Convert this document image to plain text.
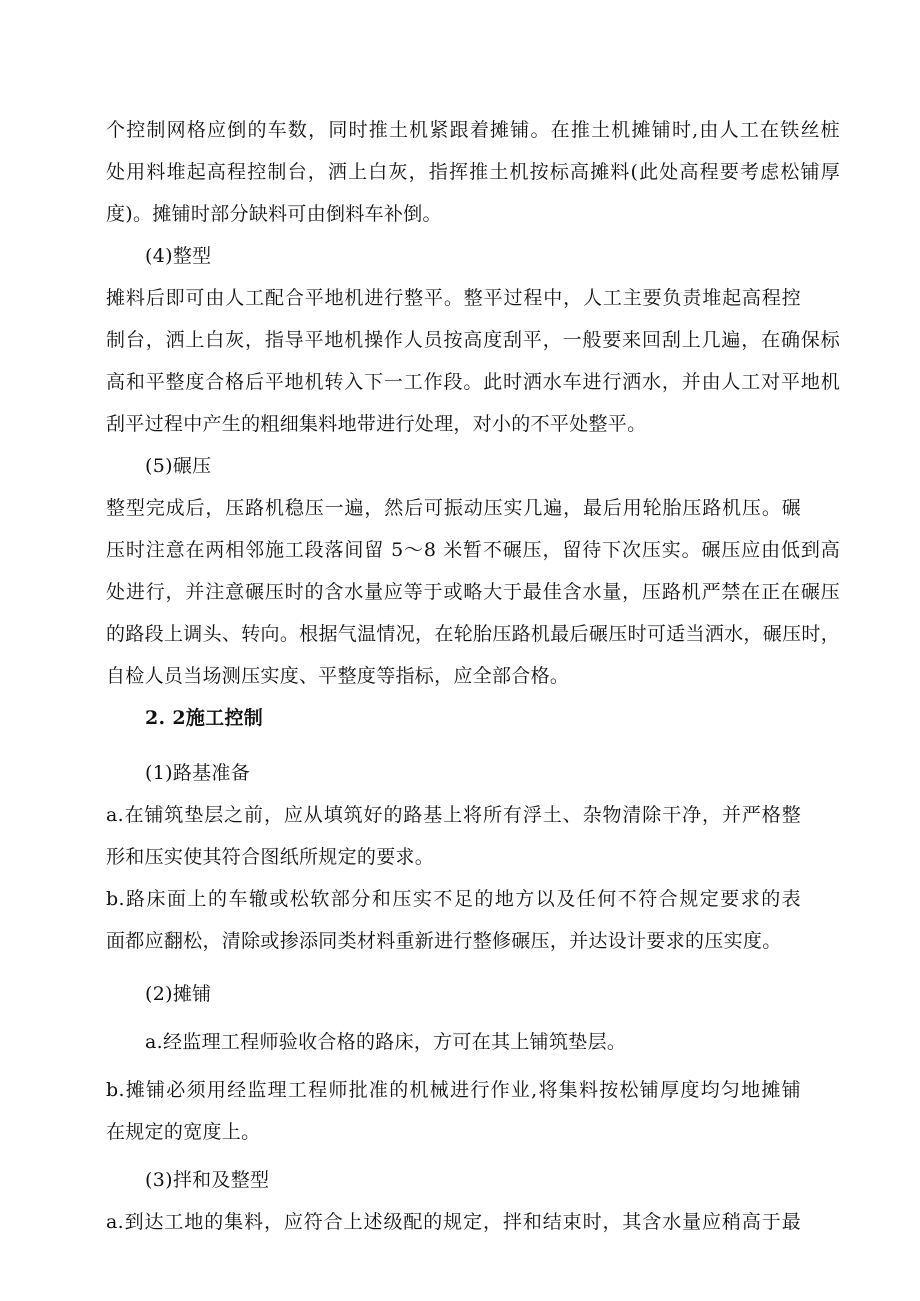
个控制网格应倒的车数，同时推土机紧跟着摊铺。在推土机摊铺时,由人工在铁丝桩
处用料堆起高程控制台，洒上白灰，指挥推土机按标高摊料(此处高程要考虑松铺厚
度)。摊铺时部分缺料可由倒料车补倒。
(4)整型
摊料后即可由人工配合平地机进行整平。整平过程中，人工主要负责堆起高程控
制台，洒上白灰，指导平地机操作人员按高度刮平，一般要来回刮上几遍，在确保标
高和平整度合格后平地机转入下一工作段。此时洒水车进行洒水，并由人工对平地机
刮平过程中产生的粗细集料地带进行处理，对小的不平处整平。
(5)碾压
整型完成后，压路机稳压一遍，然后可振动压实几遍，最后用轮胎压路机压。碾
压时注意在两相邻施工段落间留 5～8 米暂不碾压，留待下次压实。碾压应由低到高
处进行，并注意碾压时的含水量应等于或略大于最佳含水量，压路机严禁在正在碾压
的路段上调头、转向。根据气温情况，在轮胎压路机最后碾压时可适当洒水，碾压时，
自检人员当场测压实度、平整度等指标，应全部合格。
2. 2施工控制
(1)路基准备
a.在铺筑垫层之前，应从填筑好的路基上将所有浮土、杂物清除干净，并严格整
形和压实使其符合图纸所规定的要求。
b.路床面上的车辙或松软部分和压实不足的地方以及任何不符合规定要求的表
面都应翻松，清除或掺添同类材料重新进行整修碾压，并达设计要求的压实度。
(2)摊铺
a.经监理工程师验收合格的路床，方可在其上铺筑垫层。
b.摊铺必须用经监理工程师批准的机械进行作业,将集料按松铺厚度均匀地摊铺
在规定的宽度上。
(3)拌和及整型
a.到达工地的集料，应符合上述级配的规定，拌和结束时，其含水量应稍高于最
